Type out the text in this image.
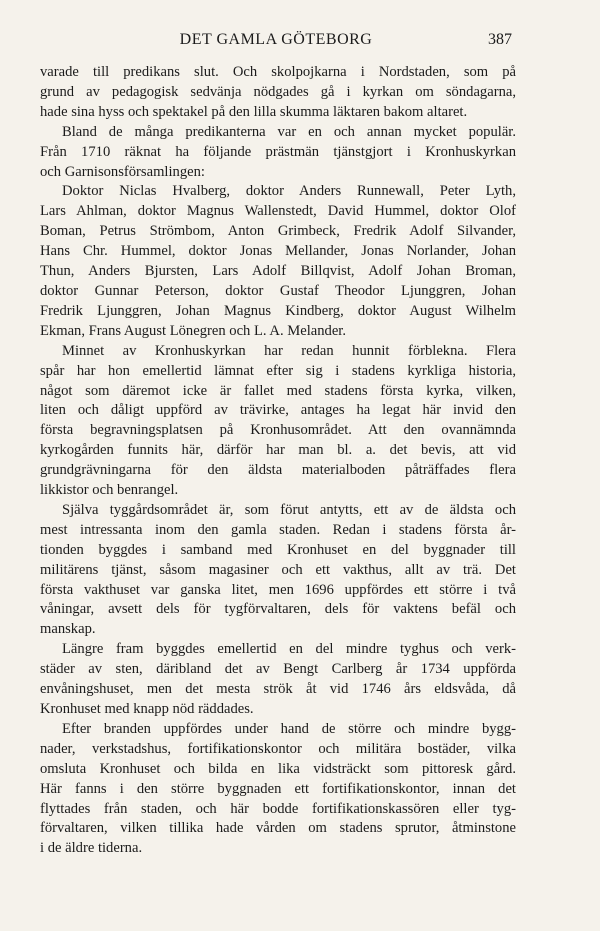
DET GAMLA GÖTEBORG	387

varade till predikans slut. Och skolpojkarna i Nordstaden, som på
grund av pedagogisk sedvänja nödgades gå i kyrkan om söndagarna,
hade sina hyss och spektakel på den lilla skumma läktaren bakom altaret.

Bland de många predikanterna var en och annan mycket populär.
Från 1710 räknat ha följande prästmän tjänstgjort i Kronhuskyrkan
och Garnisonsförsamlingen:

Doktor Niclas Hvalberg, doktor Anders Runnewall, Peter Lyth,
Lars Ahlman, doktor Magnus Wallenstedt, David Hummel, doktor Olof
Boman, Petrus Strömbom, Anton Grimbeck, Fredrik Adolf Silvander,
Hans Chr. Hummel, doktor Jonas Mellander, Jonas Norlander, Johan
Thun, Anders Bjursten, Lars Adolf Billqvist, Adolf Johan Broman,
doktor Gunnar Peterson, doktor Gustaf Theodor Ljunggren, Johan
Fredrik Ljunggren, Johan Magnus Kindberg, doktor August Wilhelm
Ekman, Frans August Lönegren och L. A. Melander.

Minnet av Kronhuskyrkan har redan hunnit förblekna. Flera
spår har hon emellertid lämnat efter sig i stadens kyrkliga historia,
något som däremot icke är fallet med stadens första kyrka, vilken,
liten och dåligt uppförd av trävirke, antages ha legat här invid den
första begravningsplatsen på Kronhusområdet. Att den ovannämnda
kyrkogården funnits här, därför har man bl. a. det bevis, att vid
grundgrävningarna för den äldsta materialboden påträffades flera
likkistor och benrangel.

Själva tyggårdsområdet är, som förut antytts, ett av de äldsta och
mest intressanta inom den gamla staden. Redan i stadens första år-
tionden byggdes i samband med Kronhuset en del byggnader till
militärens tjänst, såsom magasiner och ett vakthus, allt av trä. Det
första vakthuset var ganska litet, men 1696 uppfördes ett större i två
våningar, avsett dels för tygförvaltaren, dels för vaktens befäl och
manskap.

Längre fram byggdes emellertid en del mindre tyghus och verk-
städer av sten, däribland det av Bengt Carlberg år 1734 uppförda
envåningshuset, men det mesta strök åt vid 1746 års eldsvåda, då
Kronhuset med knapp nöd räddades.

Efter branden uppfördes under hand de större och mindre bygg-
nader, verkstadshus, fortifikationskontor och militära bostäder, vilka
omsluta Kronhuset och bilda en lika vidsträckt som pittoresk gård.
Här fanns i den större byggnaden ett fortifikationskontor, innan det
flyttades från staden, och här bodde fortifikationskassören eller tyg-
förvaltaren, vilken tillika hade vården om stadens sprutor, åtminstone
i de äldre tiderna.
